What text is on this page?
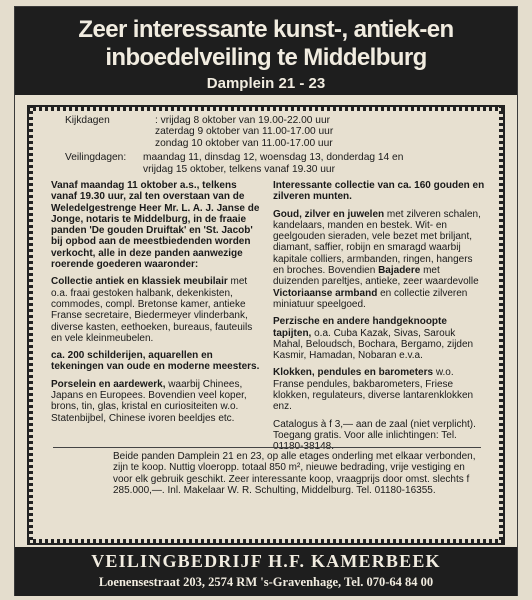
Zeer interessante kunst-, antiek-en
inboedelveiling te Middelburg
Damplein 21 - 23
Kijkdagen	: vrijdag 8 oktober van 19.00-22.00 uur
zaterdag 9 oktober van 11.00-17.00 uur
zondag 10 oktober van 11.00-17.00 uur
Veilingdagen:	maandag 11, dinsdag 12, woensdag 13, donderdag 14 en
vrijdag 15 oktober, telkens vanaf 19.30 uur

Vanaf maandag 11 oktober a.s., telkens vanaf 19.30 uur, zal ten overstaan van de Weledelgestrenge Heer Mr. L. A. J. Janse de Jonge, notaris te Middelburg, in de fraaie panden 'De gouden Druiftak' en 'St. Jacob' bij opbod aan de meestbiedenden worden verkocht, alle in deze panden aanwezige roerende goederen waaronder:

Collectie antiek en klassiek meubilair met o.a. fraai gestoken halbank, dekenkisten, commodes, compl. Bretonse kamer, antieke Franse secretaire, Biedermeyer vlinderbank, diverse kasten, eethoeken, bureaus, fauteuils en vele kleinmeubelen.

ca. 200 schilderijen, aquarellen en tekeningen van oude en moderne meesters.

Porselein en aardewerk, waarbij Chinees, Japans en Europees. Bovendien veel koper, brons, tin, glas, kristal en curiositeiten w.o. Statenbijbel, Chinese ivoren beeldjes etc.

Interessante collectie van ca. 160 gouden en zilveren munten.

Goud, zilver en juwelen met zilveren schalen, kandelaars, manden en bestek. Wit- en geelgouden sieraden, vele bezet met briljant, diamant, saffier, robijn en smaragd waarbij kapitale colliers, armbanden, ringen, hangers en broches. Bovendien Bajadere met duizenden pareltjes, antieke, zeer waardevolle Victoriaanse armband en collectie zilveren miniatuur speelgoed.

Perzische en andere handgeknoopte tapijten, o.a. Cuba Kazak, Sivas, Sarouk Mahal, Beloudsch, Bochara, Bergamo, zijden Kasmir, Hamadan, Nobaran e.v.a.

Klokken, pendules en barometers w.o. Franse pendules, bakbarometers, Friese klokken, regulateurs, diverse lantarenklokken enz.

Catalogus à f 3,— aan de zaal (niet verplicht). Toegang gratis. Voor alle inlichtingen: Tel. 01180-38148.

Beide panden Damplein 21 en 23, op alle etages onderling met elkaar verbonden, zijn te koop. Nuttig vloeropp. totaal 850 m², nieuwe bedrading, vrije vestiging en voor elk gebruik geschikt. Zeer interessante koop, vraagprijs door omst. slechts f 285.000,—. Inl. Makelaar W. R. Schulting, Middelburg. Tel. 01180-16355.
VEILINGBEDRIJF H.F. KAMERBEEK
Loenensestraat 203, 2574 RM 's-Gravenhage, Tel. 070-64 84 00
